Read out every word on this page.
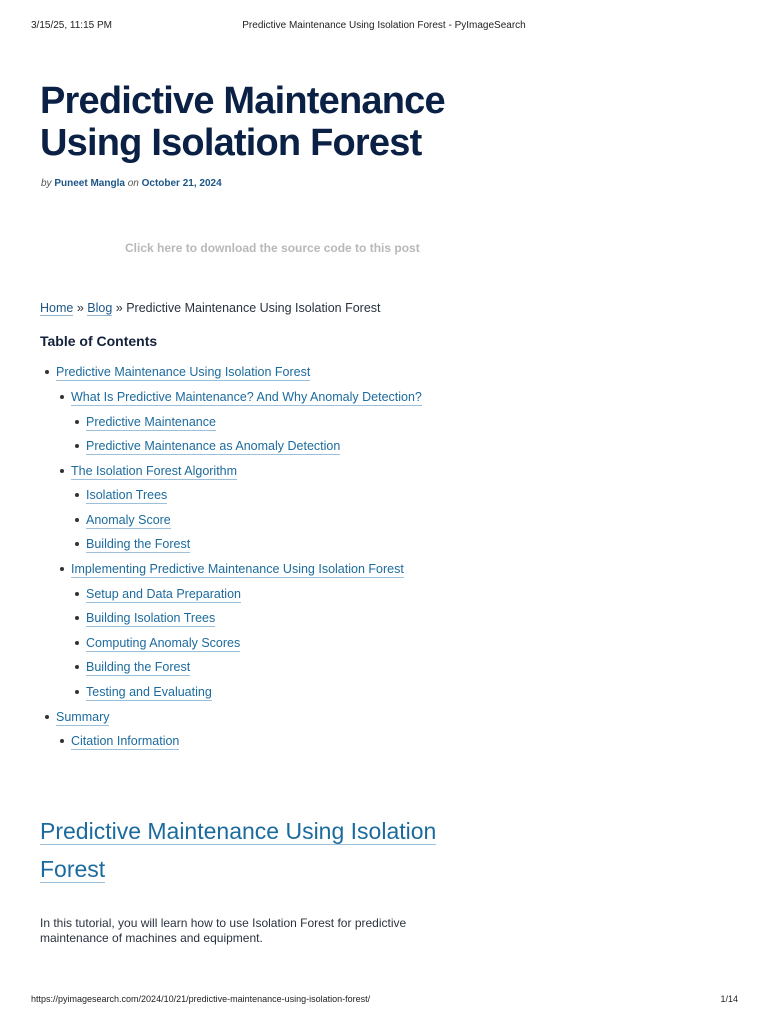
3/15/25, 11:15 PM	Predictive Maintenance Using Isolation Forest - PyImageSearch
Predictive Maintenance Using Isolation Forest
by Puneet Mangla on October 21, 2024
Click here to download the source code to this post
Home » Blog » Predictive Maintenance Using Isolation Forest
Table of Contents
Predictive Maintenance Using Isolation Forest
What Is Predictive Maintenance? And Why Anomaly Detection?
Predictive Maintenance
Predictive Maintenance as Anomaly Detection
The Isolation Forest Algorithm
Isolation Trees
Anomaly Score
Building the Forest
Implementing Predictive Maintenance Using Isolation Forest
Setup and Data Preparation
Building Isolation Trees
Computing Anomaly Scores
Building the Forest
Testing and Evaluating
Summary
Citation Information
Predictive Maintenance Using Isolation
Forest

In this tutorial, you will learn how to use Isolation Forest for predictive maintenance of machines and equipment.

https://pyimagesearch.com/2024/10/21/predictive-maintenance-using-isolation-forest/	1/14
